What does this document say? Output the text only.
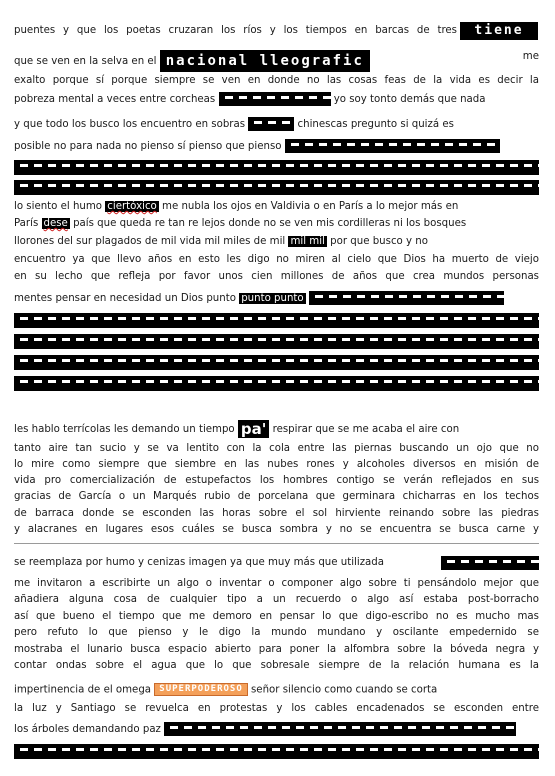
tiene
puentes y que los poetas cruzaran los ríos y los tiempos en barcas de tres
que se ven en la selva en el nacional lleografic	me
exalto porque sí porque siempre se ven en donde no las cosas feas de la vida es decir la
pobreza mental a veces entre corcheas	yo soy tonto demás que nada
y que todo los busco los encuentro en sobras	chinescas pregunto si quizá es
posible no para nada no pienso sí pienso que pienso
lo siento el humo ciertóxico me nubla los ojos en Valdivia o en París a lo mejor más en
París dese país que queda re tan re lejos donde no se ven mis cordilleras ni los bosques
llorones del sur plagados de mil vida mil miles de mil mil mil por que busco y no
encuentro ya que llevo años en esto les digo no miren al cielo que Dios ha muerto de viejo
en su lecho que refleja por favor unos cien millones de años que crea mundos personas
mentes pensar en necesidad un Dios punto punto punto
les hablo terrícolas les demando un tiempo pa' respirar que se me acaba el aire con
tanto aire tan sucio y se va lentito con la cola entre las piernas buscando un ojo que no
lo mire como siempre que siembre en las nubes rones y alcoholes diversos en misión de
vida pro comercialización de estupefactos los hombres contigo se verán reflejados en sus
gracias de García o un Marqués rubio de porcelana que germinara chicharras en los techos
de barraca donde se esconden las horas sobre el sol hirviente reinando sobre las piedras
y alacranes en lugares esos cuáles se busca sombra y no se encuentra se busca carne y
se reemplaza por humo y cenizas imagen ya que muy más que utilizada
me invitaron a escribirte un algo o inventar o componer algo sobre ti pensándolo mejor que
añadiera alguna cosa de cualquier tipo a un recuerdo o algo así estaba post-borracho
así que bueno el tiempo que me demoro en pensar lo que digo-escribo no es mucho mas
pero refuto lo que pienso y le digo la mundo mundano y oscilante empedernido se
mostraba el lunario busca espacio abierto para poner la alfombra sobre la bóveda negra y
contar ondas sobre el agua que lo que sobresale siempre de la relación humana es la
impertinencia de el omega SUPERPODEROSO señor silencio como cuando se corta
la luz y Santiago se revuelca en protestas y los cables encadenados se esconden entre
los árboles demandando paz
